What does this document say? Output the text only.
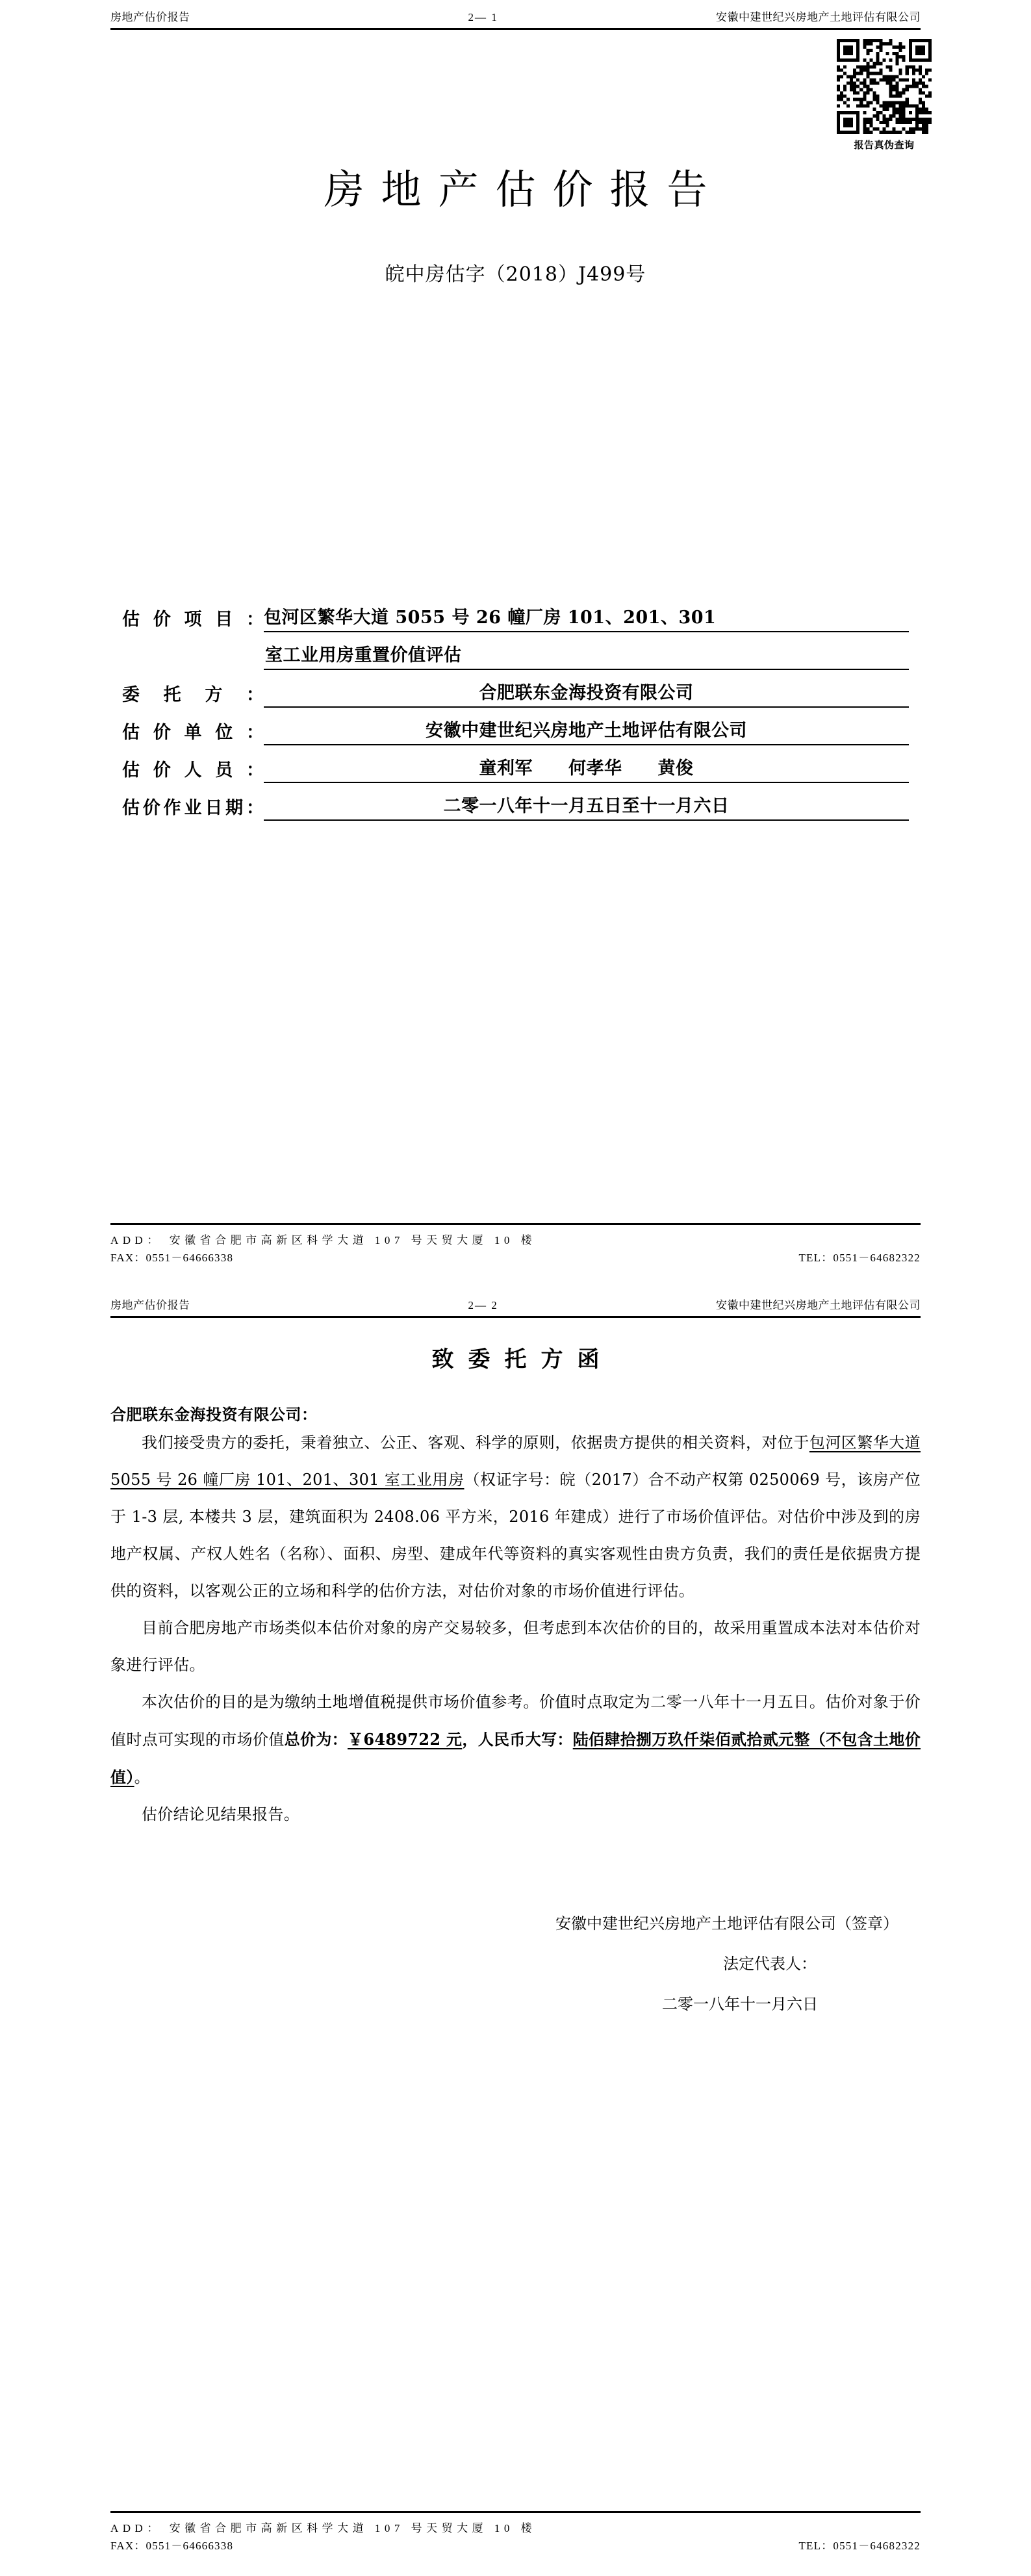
房地产估价报告	2— 1	安徽中建世纪兴房地产土地评估有限公司
报告真伪查询
房地产估价报告
皖中房估字（2018）J499号
估 价 项 目 ： 包河区繁华大道 5055 号 26 幢厂房 101、201、301
室工业用房重置价值评估
委 托 方 ：	合肥联东金海投资有限公司
估 价 单 位 ：	安徽中建世纪兴房地产土地评估有限公司
估 价 人 员 ：	童利军　　何孝华　　黄俊
估 价 作 业 日 期 ：	二零一八年十一月五日至十一月六日
ADD： 安徽省合肥市高新区科学大道 107 号天贸大厦 10 楼
FAX：0551－64666338	TEL：0551－64682322
房地产估价报告	2— 2	安徽中建世纪兴房地产土地评估有限公司
致委托方函
合肥联东金海投资有限公司：

我们接受贵方的委托，秉着独立、公正、客观、科学的原则，依据贵方提供的相关资料，对位于包河区繁华大道 5055 号 26 幢厂房 101、201、301 室工业用房（权证字号：皖（2017）合不动产权第 0250069 号，该房产位于 1-3 层, 本楼共 3 层，建筑面积为 2408.06 平方米，2016 年建成）进行了市场价值评估。对估价中涉及到的房地产权属、产权人姓名（名称）、面积、房型、建成年代等资料的真实客观性由贵方负责，我们的责任是依据贵方提供的资料，以客观公正的立场和科学的估价方法，对估价对象的市场价值进行评估。

目前合肥房地产市场类似本估价对象的房产交易较多，但考虑到本次估价的目的，故采用重置成本法对本估价对象进行评估。

本次估价的目的是为缴纳土地增值税提供市场价值参考。价值时点取定为二零一八年十一月五日。估价对象于价值时点可实现的市场价值总价为：￥6489722 元，人民币大写：陆佰肆拾捌万玖仟柒佰贰拾贰元整（不包含土地价值）。

估价结论见结果报告。

安徽中建世纪兴房地产土地评估有限公司（签章）
法定代表人：
二零一八年十一月六日
ADD： 安徽省合肥市高新区科学大道 107 号天贸大厦 10 楼
FAX：0551－64666338	TEL：0551－64682322
